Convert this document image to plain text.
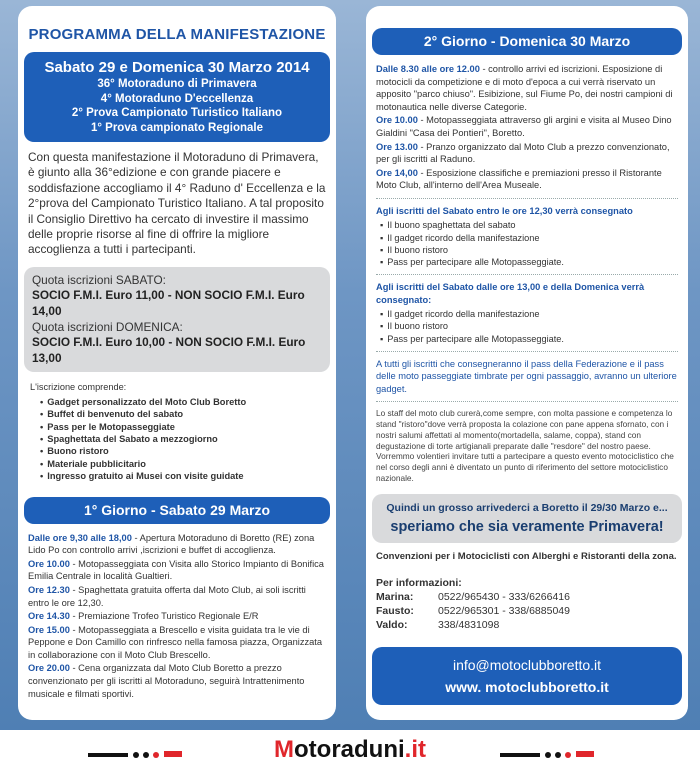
PROGRAMMA DELLA MANIFESTAZIONE
Sabato 29 e Domenica 30 Marzo 2014
36° Motoraduno di Primavera
4° Motoraduno D'eccellenza
2° Prova Campionato Turistico Italiano
1° Prova campionato Regionale
Con questa manifestazione il Motoraduno di Primavera, è giunto alla 36°edizione e con grande piacere e soddisfazione accogliamo il 4° Raduno d' Eccellenza e la 2°prova del Campionato Turistico Italiano. A tal proposito il Consiglio Direttivo ha cercato di investire il massimo delle proprie risorse al fine di offrire la migliore accoglienza a tutti i partecipanti.
Quota iscrizioni SABATO:
SOCIO F.M.I. Euro 11,00 - NON SOCIO F.M.I. Euro 14,00
Quota iscrizioni DOMENICA:
SOCIO F.M.I. Euro 10,00 - NON SOCIO F.M.I. Euro 13,00
L'iscrizione comprende:
• Gadget personalizzato del Moto Club Boretto
• Buffet di benvenuto del sabato
• Pass per le Motopasseggiate
• Spaghettata del Sabato a mezzogiorno
• Buono ristoro
• Materiale pubblicitario
• Ingresso gratuito ai Musei con visite guidate
1° Giorno - Sabato 29 Marzo

Dalle ore 9,30 alle 18,00 - Apertura Motoraduno di Boretto (RE) zona Lido Po con controllo arrivi ,iscrizioni e buffet di accoglienza.

Ore 10.00 - Motopasseggiata con Visita allo Storico Impianto di Bonifica Emilia Centrale in località Gualtieri.

Ore 12.30 - Spaghettata gratuita offerta dal Moto Club, ai soli iscritti entro le ore 12,30.

Ore 14.30 - Premiazione Trofeo Turistico Regionale E/R

Ore 15.00 - Motopasseggiata a Brescello e visita guidata tra le vie di Peppone e Don Camillo con rinfresco nella famosa piazza, Organizzata in collaborazione con il Moto Club Brescello.

Ore 20.00 - Cena organizzata dal Moto Club Boretto a prezzo convenzionato per gli iscritti al Motoraduno, seguirà Intrattenimento musicale e filmati sportivi.

2° Giorno - Domenica 30 Marzo

Dalle 8.30 alle ore 12.00 - controllo arrivi ed iscrizioni. Esposizione di motocicli da competizione e di moto d'epoca a cui verrà riservato un apposito "parco chiuso". Esibizione, sul Fiume Po, dei nostri campioni di motonautica nelle diverse Categorie.

Ore 10.00 - Motopasseggiata attraverso gli argini e visita al Museo Dino Gialdini "Casa dei Pontieri", Boretto.

Ore 13.00 - Pranzo organizzato dal Moto Club a prezzo convenzionato, per gli iscritti al Raduno.

Ore 14,00 - Esposizione classifiche e premiazioni presso il Ristorante Moto Club, all'interno dell'Area Museale.

Agli iscritti del Sabato entro le ore 12,30 verrà consegnato
▪ Il buono spaghettata del sabato
▪ Il gadget ricordo della manifestazione
▪ Il buono ristoro
▪ Pass per partecipare alle Motopasseggiate.
Agli iscritti del Sabato dalle ore 13,00 e della Domenica verrà consegnato:
▪ Il gadget ricordo della manifestazione
▪ Il buono ristoro
▪ Pass per partecipare alle Motopasseggiate.
A tutti gli iscritti che consegneranno il pass della Federazione e il pass delle moto passeggiate timbrate per ogni passaggio, avranno un ulteriore gadget.
Lo staff del moto club curerà,come sempre, con molta passione e competenza lo stand "ristoro"dove verrà proposta la colazione con pane appena sfornato, con i nostri salumi affettati al momento(mortadella, salame, coppa), stand con degustazione di torte artigianali preparate dalle "resdore" del nostro paese. Vorremmo volentieri invitare tutti a partecipare a questo evento motociclistico che nel corso degli anni è diventato un punto di riferimento del settore motociclistico nazionale.
Quindi un grosso arrivederci a Boretto il 29/30 Marzo e...
speriamo che sia veramente Primavera!
Convenzioni per i Motociclisti con Alberghi e Ristoranti della zona.
Per informazioni:
Marina:	0522/965430 - 333/6266416
Fausto:	0522/965301 - 338/6885049
Valdo:	338/4831098
info@motoclubboretto.it
www. motoclubboretto.it
Motoraduni.it
